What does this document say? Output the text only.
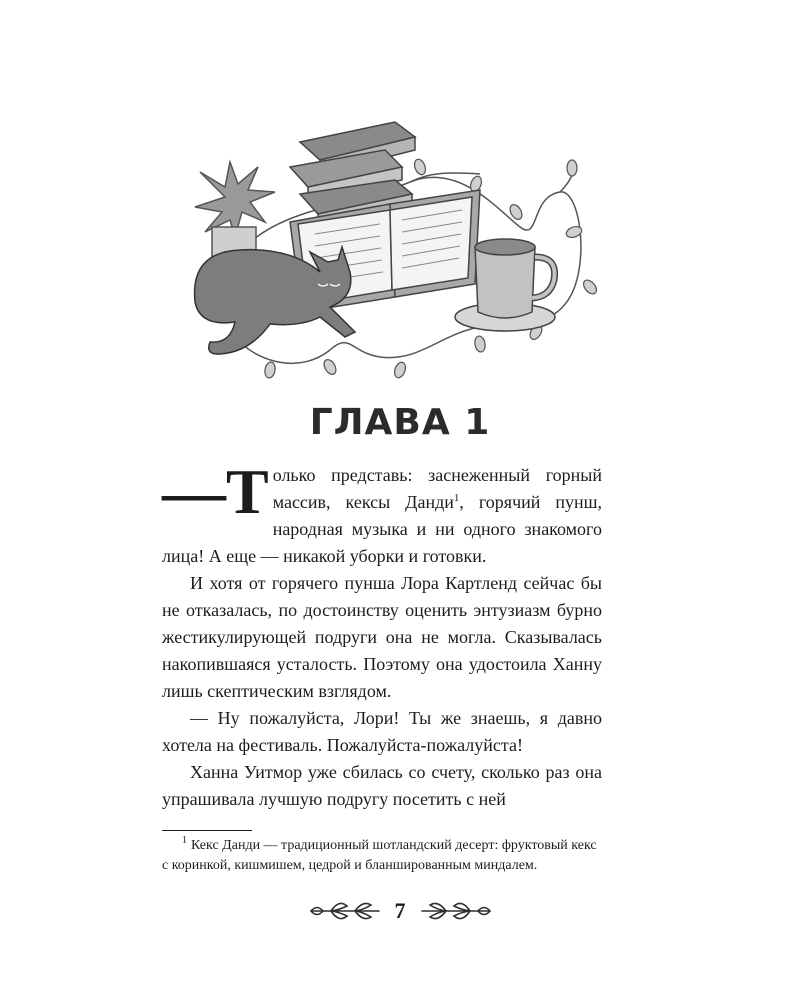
ГЛАВА 1

—Т олько представь: заснеженный горный массив, кексы Данди$^1$, горячий пунш, народная музыка и ни одного знакомого лица! А еще — никакой уборки и готовки.

И хотя от горячего пунша Лора Картленд сейчас бы не отказалась, по достоинству оценить энтузиазм бурно жестикулирующей подруги она не могла. Сказывалась накопившаяся усталость. Поэтому она удостоила Ханну лишь скептическим взглядом.

— Ну пожалуйста, Лори! Ты же знаешь, я давно хотела на фестиваль. Пожалуйста-пожалуйста!

Ханна Уитмор уже сбилась со счету, сколько раз она упрашивала лучшую подругу посетить с ней

$^1$ Кекс Данди — традиционный шотландский десерт: фруктовый кекс с коринкой, кишмишем, цедрой и бланшированным миндалем.
7
